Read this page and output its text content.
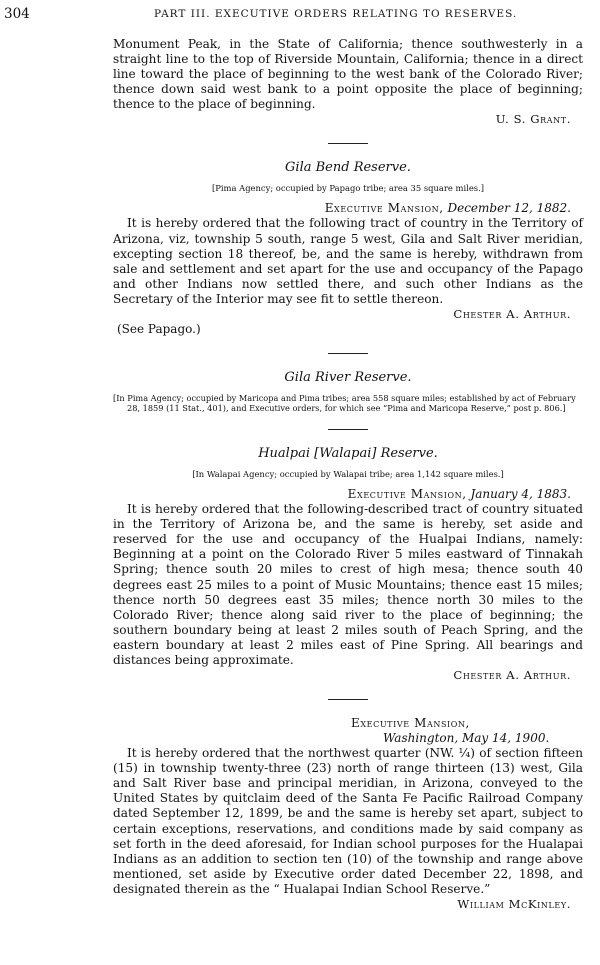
304	PART III. EXECUTIVE ORDERS RELATING TO RESERVES.

Monument Peak, in the State of California; thence southwesterly in a straight line to the top of Riverside Mountain, California; thence in a direct line toward the place of beginning to the west bank of the Colorado River; thence down said west bank to a point opposite the place of beginning; thence to the place of beginning.

U. S. Grant.
Gila Bend Reserve.
[Pima Agency; occupied by Papago tribe; area 35 square miles.]
Executive Mansion, December 12, 1882.

It is hereby ordered that the following tract of country in the Territory of Arizona, viz, township 5 south, range 5 west, Gila and Salt River meridian, excepting section 18 thereof, be, and the same is hereby, withdrawn from sale and settlement and set apart for the use and occupancy of the Papago and other Indians now settled there, and such other Indians as the Secretary of the Interior may see fit to settle thereon.

Chester A. Arthur.
(See Papago.)
Gila River Reserve.
[In Pima Agency; occupied by Maricopa and Pima tribes; area 558 square miles; established by act of February 28, 1859 (11 Stat., 401), and Executive orders, for which see “Pima and Maricopa Reserve,” post p. 806.]
Hualpai [Walapai] Reserve.
[In Walapai Agency; occupied by Walapai tribe; area 1,142 square miles.]
Executive Mansion, January 4, 1883.

It is hereby ordered that the following-described tract of country situated in the Territory of Arizona be, and the same is hereby, set aside and reserved for the use and occupancy of the Hualpai Indians, namely: Beginning at a point on the Colorado River 5 miles eastward of Tinnakah Spring; thence south 20 miles to crest of high mesa; thence south 40 degrees east 25 miles to a point of Music Mountains; thence east 15 miles; thence north 50 degrees east 35 miles; thence north 30 miles to the Colorado River; thence along said river to the place of beginning; the southern boundary being at least 2 miles south of Peach Spring, and the eastern boundary at least 2 miles east of Pine Spring. All bearings and distances being approximate.

Chester A. Arthur.
Executive Mansion,
Washington, May 14, 1900.

It is hereby ordered that the northwest quarter (NW. ¼) of section fifteen (15) in township twenty-three (23) north of range thirteen (13) west, Gila and Salt River base and principal meridian, in Arizona, conveyed to the United States by quitclaim deed of the Santa Fe Pacific Railroad Company dated September 12, 1899, be and the same is hereby set apart, subject to certain exceptions, reservations, and conditions made by said company as set forth in the deed aforesaid, for Indian school purposes for the Hualapai Indians as an addition to section ten (10) of the township and range above mentioned, set aside by Executive order dated December 22, 1898, and designated therein as the “ Hualapai Indian School Reserve.”

William McKinley.
